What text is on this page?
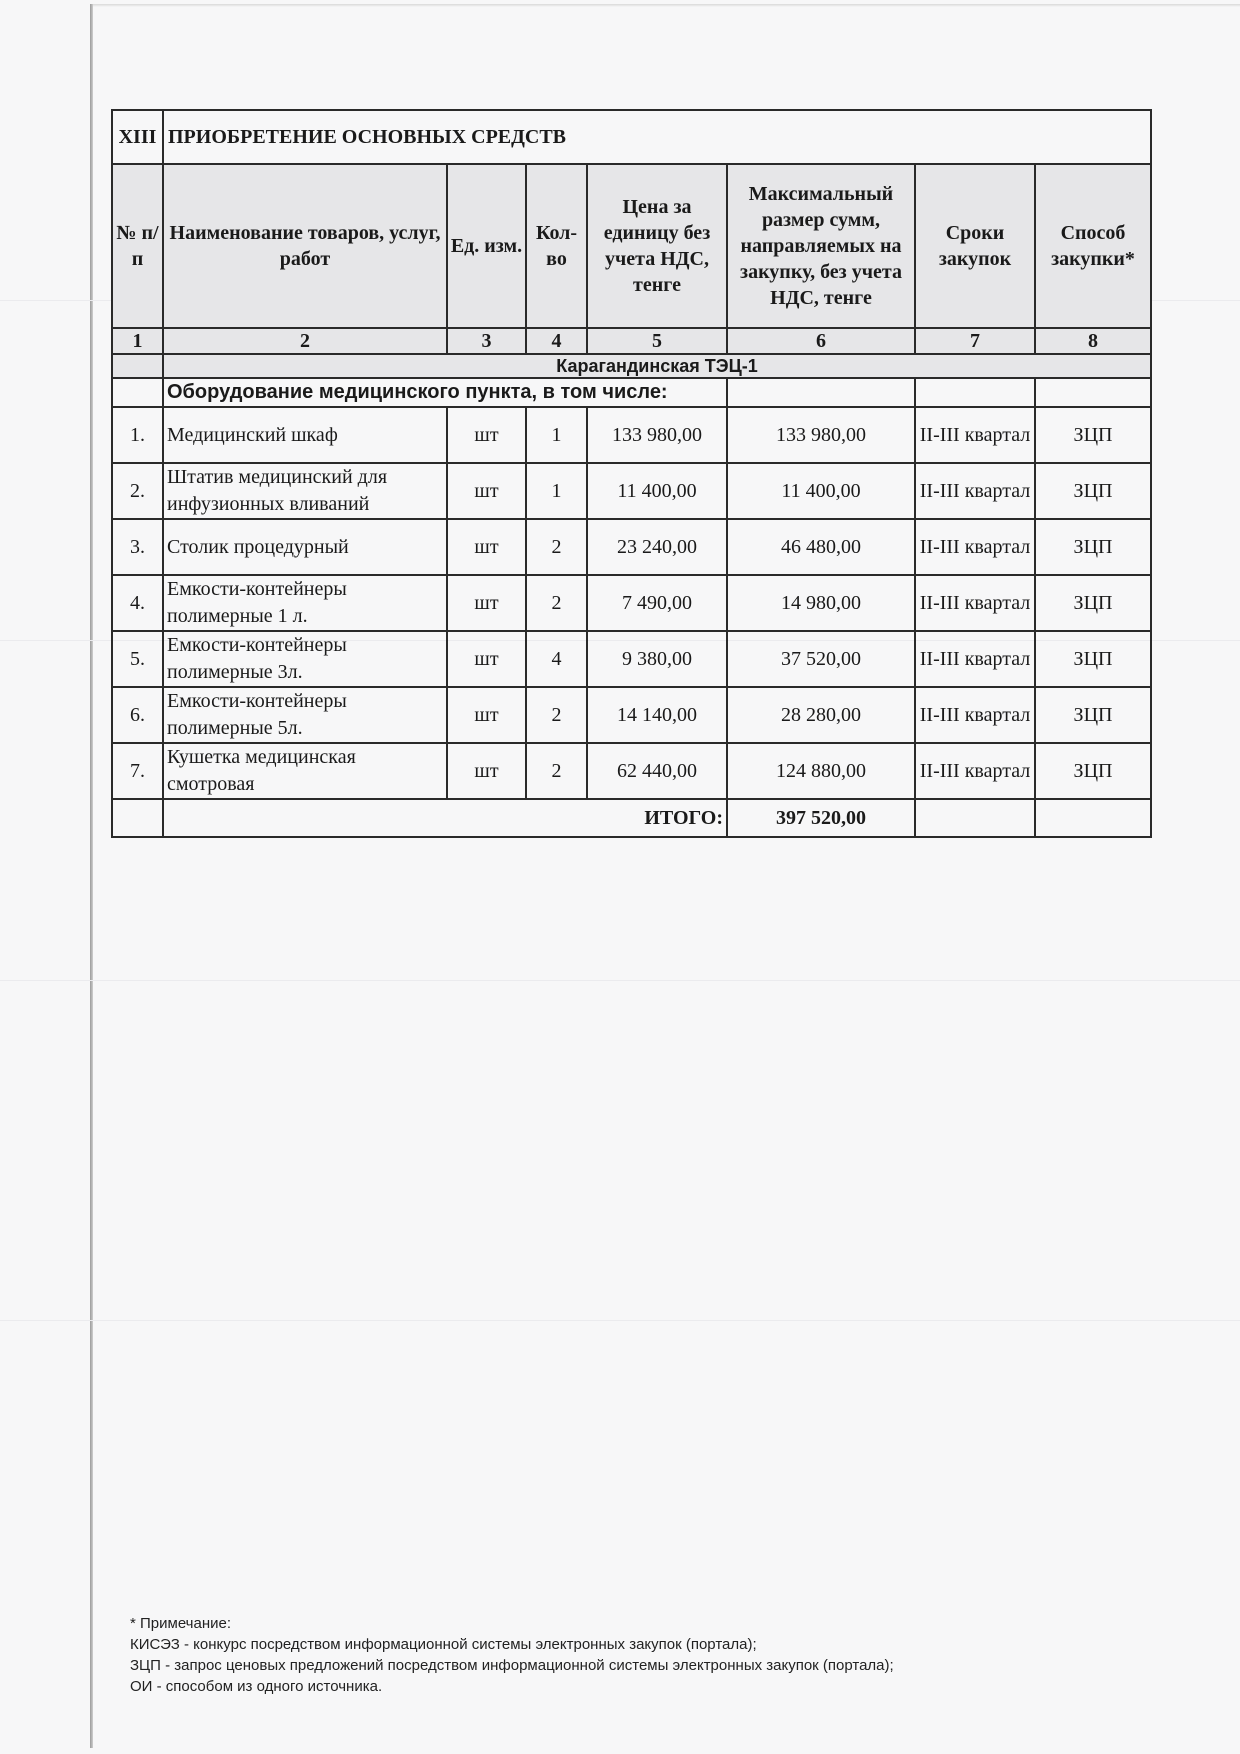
XIII	ПРИОБРЕТЕНИЕ ОСНОВНЫХ СРЕДСТВ						
№ п/п	Наименование товаров, услуг, работ	Ед. изм.	Кол-во	Цена за единицу без учета НДС, тенге	Максимальный размер сумм, направляемых на закупку, без учета НДС, тенге	Сроки закупок	Способ закупки*
1	2	3	4	5	6	7	8
	Карагандинская ТЭЦ-1						
	Оборудование медицинского пункта, в том числе:						
1.	Медицинский шкаф	шт	1	133 980,00	133 980,00	II-III квартал	ЗЦП
2.	Штатив медицинский для инфузионных вливаний	шт	1	11 400,00	11 400,00	II-III квартал	ЗЦП
3.	Столик процедурный	шт	2	23 240,00	46 480,00	II-III квартал	ЗЦП
4.	Емкости-контейнеры полимерные 1 л.	шт	2	7 490,00	14 980,00	II-III квартал	ЗЦП
5.	Емкости-контейнеры полимерные 3л.	шт	4	9 380,00	37 520,00	II-III квартал	ЗЦП
6.	Емкости-контейнеры полимерные 5л.	шт	2	14 140,00	28 280,00	II-III квартал	ЗЦП
7.	Кушетка медицинская смотровая	шт	2	62 440,00	124 880,00	II-III квартал	ЗЦП
	ИТОГО:				397 520,00		
* Примечание:
КИСЭЗ - конкурс посредством информационной системы электронных закупок (портала);
ЗЦП - запрос ценовых предложений посредством информационной системы электронных закупок (портала);
ОИ - способом из одного источника.
